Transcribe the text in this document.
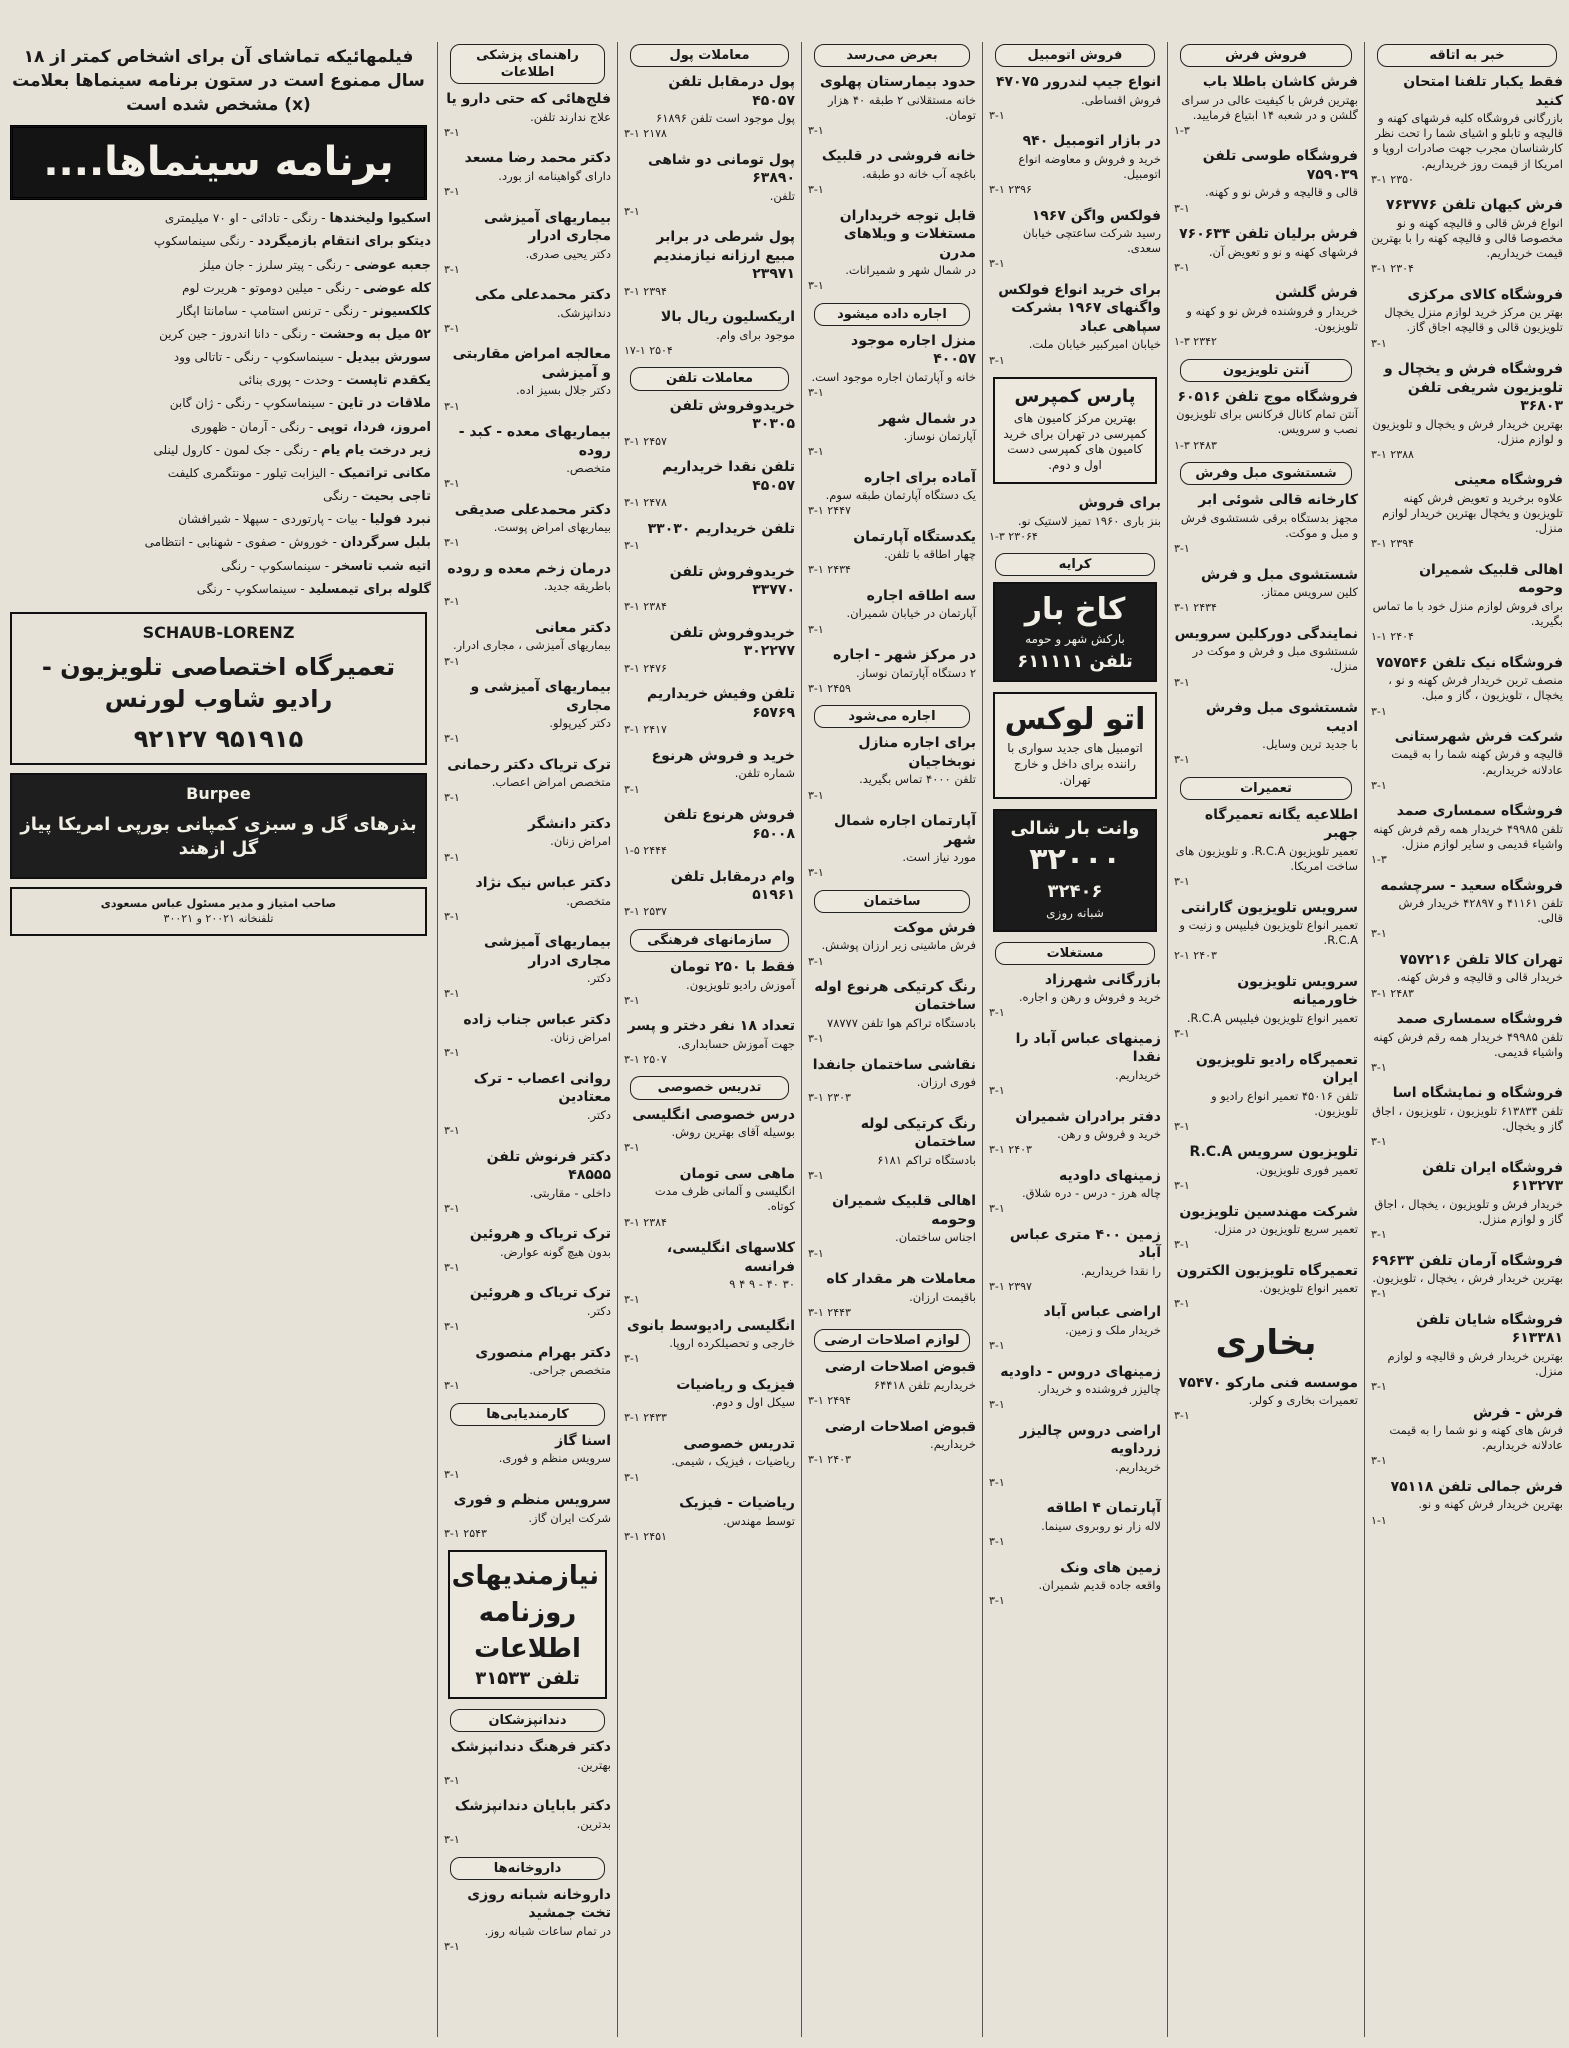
خبر به اتاقه
فقط یکبار تلفنا امتحان کنید

بازرگانی فروشگاه کلیه فرشهای کهنه و قالیچه و تابلو و اشیای شما را تحت نظر کارشناسان مجرب جهت صادرات اروپا و امریکا از قیمت روز خریداریم.

۳-۱ ۲۳۵۰
فرش کیهان تلفن ۷۶۳۷۷۶

انواع فرش قالی و قالیچه کهنه و نو مخصوصا قالی و قالیچه کهنه را با بهترین قیمت خریداریم.

۳-۱ ۲۳۰۴
فروشگاه کالای مرکزی

بهتر ین مرکز خرید لوازم منزل یخچال تلویزیون قالی و قالیچه اجاق گاز.

۳-۱
فروشگاه فرش و یخچال و تلویزیون شریفی تلفن ۳۶۸۰۳

بهترین خریدار فرش و یخچال و تلویزیون و لوازم منزل.

۳-۱ ۲۳۸۸
فروشگاه معینی

علاوه برخرید و تعویض فرش کهنه تلویزیون و یخچال بهترین خریدار لوازم منزل.

۳-۱ ۲۳۹۴
اهالی قلبیک شمیران وحومه

برای فروش لوازم منزل خود با ما تماس بگیرید.

۱-۱ ۲۴۰۴
فروشگاه نیک تلفن ۷۵۷۵۴۶

منصف ترین خریدار فرش کهنه و نو ، یخچال ، تلویزیون ، گاز و مبل.

۳-۱
شرکت فرش شهرستانی

قالیچه و فرش کهنه شما را به قیمت عادلانه خریداریم.

۳-۱
فروشگاه سمساری صمد

تلفن ۴۹۹۸۵ خریدار همه رقم فرش کهنه واشیاء قدیمی و سایر لوازم منزل.

۱-۳
فروشگاه سعید - سرچشمه

تلفن ۴۱۱۶۱ و ۴۲۸۹۷ خریدار فرش قالی.

۳-۱
تهران کالا تلفن ۷۵۷۲۱۶

خریدار قالی و قالیچه و فرش کهنه.

۳-۱ ۲۴۸۳
فروشگاه سمساری صمد

تلفن ۴۹۹۸۵ خریدار همه رقم فرش کهنه واشیاء قدیمی.

۳-۱
فروشگاه و نمایشگاه اسا

تلفن ۶۱۳۸۳۴ تلویزیون ، تلویزیون ، اجاق گاز و یخچال.

۳-۱
فروشگاه ایران تلفن ۶۱۳۲۷۳

خریدار فرش و تلویزیون ، یخچال ، اجاق گاز و لوازم منزل.

۳-۱
فروشگاه آرمان تلفن ۶۹۶۳۳

بهترین خریدار فرش ، یخچال ، تلویزیون.

۳-۱
فروشگاه شایان تلفن ۶۱۳۳۸۱

بهترین خریدار فرش و قالیچه و لوازم منزل.

۳-۱
فرش - فرش

فرش های کهنه و نو شما را به قیمت عادلانه خریداریم.

۳-۱
فرش جمالی تلفن ۷۵۱۱۸

بهترین خریدار فرش کهنه و نو.

۱-۱
فروش فرش
فرش کاشان باطلا باب

بهترین فرش با کیفیت عالی در سرای گلشن و در شعبه ۱۴ ابتیاع فرمایید.

۱-۳
فروشگاه طوسی تلفن ۷۵۹۰۳۹

قالی و قالیچه و فرش نو و کهنه.

۳-۱
فرش برلیان تلفن ۷۶۰۶۳۴

فرشهای کهنه و نو و تعویض آن.

۳-۱
فرش گلشن

خریدار و فروشنده فرش نو و کهنه و تلویزیون.

۱-۳ ۲۳۴۲
آنتن تلویزیون
فروشگاه موج تلفن ۶۰۵۱۶

آنتن تمام کانال فرکانس برای تلویزیون نصب و سرویس.

۱-۳ ۲۴۸۳
شستشوی مبل وفرش
کارخانه قالی شوئی ابر

مجهز بدستگاه برقی شستشوی فرش و مبل و موکت.

۳-۱
شستشوی مبل و فرش

کلین سرویس ممتاز.

۳-۱ ۲۴۳۴
نمایندگی دورکلین سرویس

شستشوی مبل و فرش و موکت در منزل.

۳-۱
شستشوی مبل وفرش ادیب

با جدید ترین وسایل.

۳-۱
تعمیرات
اطلاعیه یگانه تعمیرگاه جهبر

تعمیر تلویزیون R.C.A. و تلویزیون های ساخت امریکا.

۳-۱
سرویس تلویزیون گارانتی

تعمیر انواع تلویزیون فیلیپس و زنیت و R.C.A.

۲-۱ ۲۴۰۳
سرویس تلویزیون خاورمیانه

تعمیر انواع تلویزیون فیلیپس R.C.A.

۳-۱
تعمیرگاه رادیو تلویزیون ایران

تلفن ۴۵۰۱۶ تعمیر انواع رادیو و تلویزیون.

۳-۱
تلویزیون سرویس R.C.A

تعمیر فوری تلویزیون.

۳-۱
شرکت مهندسین تلویزیون

تعمیر سریع تلویزیون در منزل.

۳-۱
تعمیرگاه تلویزیون الکترون

تعمیر انواع تلویزیون.

۳-۱
بخاری
موسسه فنی مارکو ۷۵۴۷۰

تعمیرات بخاری و کولر.

۳-۱
فروش اتومبیل
انواع جیپ لندرور ۴۷۰۷۵

فروش اقساطی.

۳-۱
در بازار اتومبیل ۹۴۰

خرید و فروش و معاوضه انواع اتومبیل.

۳-۱ ۲۳۹۶
فولکس واگن ۱۹۶۷

رسید شرکت ساعتچی خیابان سعدی.

۳-۱
برای خرید انواع فولکس واگنهای ۱۹۶۷ بشرکت سپاهی عباد

خیابان امیرکبیر خیابان ملت.

۳-۱
پارس کمپرس

بهترین مرکز کامیون های کمپرسی در تهران برای خرید کامیون های کمپرسی دست اول و دوم.

برای فروش

بنز باری ۱۹۶۰ تمیز لاستیک نو.

۱-۳ ۲۳۰۶۴
کرایه
کاخ بار

بارکش شهر و حومه

تلفن ۶۱۱۱۱۱
اتو لوکس

اتومبیل های جدید سواری با راننده برای داخل و خارج تهران.

وانت بار شالی
۳۲۰۰۰
۳۲۴۰۶

شبانه روزی

مستغلات
بازرگانی شهرزاد

خرید و فروش و رهن و اجاره.

۳-۱
زمینهای عباس آباد را نقدا

خریداریم.

۳-۱
دفتر برادران شمیران

خرید و فروش و رهن.

۳-۱ ۲۴۰۳
زمینهای داودیه

چاله هرز - درس - دره شلاق.

۳-۱
زمین ۴۰۰ متری عباس آباد

را نقدا خریداریم.

۳-۱ ۲۳۹۷
اراضی عباس آباد

خریدار ملک و زمین.

۳-۱
زمینهای دروس - داودیه

چالیزر فروشنده و خریدار.

۳-۱
اراضی دروس چالیزر زرداویه

خریداریم.

۳-۱
آپارتمان ۴ اطاقه

لاله زار نو روبروی سینما.

۳-۱
زمین های ونک

واقعه جاده قدیم شمیران.

۳-۱
بعرض می‌رسد
حدود بیمارستان پهلوی

خانه مستقلانی ۲ طبقه ۴۰ هزار تومان.

۳-۱
خانه فروشی در قلبیک

باغچه آب خانه دو طبقه.

۳-۱
قابل توجه خریداران مستغلات و ویلاهای مدرن

در شمال شهر و شمیرانات.

۳-۱
اجاره داده میشود
منزل اجاره موجود ۴۰۰۵۷

خانه و آپارتمان اجاره موجود است.

۳-۱
در شمال شهر

آپارتمان نوساز.

۳-۱
آماده برای اجاره

یک دستگاه آپارتمان طبقه سوم.

۳-۱ ۲۴۴۷
یکدستگاه آپارتمان

چهار اطاقه با تلفن.

۳-۱ ۲۴۳۴
سه اطاقه اجاره

آپارتمان در خیابان شمیران.

۳-۱
در مرکز شهر - اجاره

۲ دستگاه آپارتمان نوساز.

۳-۱ ۲۴۵۹
اجاره می‌شود
برای اجاره منازل نوبخاجیان

تلفن ۴۰۰۰ تماس بگیرید.

۳-۱
آپارتمان اجاره شمال شهر

مورد نیاز است.

۳-۱
ساختمان
فرش موکت

فرش ماشینی زیر ارزان پوشش.

۳-۱
رنگ کرتیکی هرنوع اوله ساختمان

بادستگاه تراکم هوا تلفن ۷۸۷۷۷

۳-۱
نقاشی ساختمان جانفدا

فوری ارزان.

۳-۱ ۲۳۰۳
رنگ کرتیکی لوله ساختمان

بادستگاه تراکم ۶۱۸۱

۳-۱
اهالی قلبیک شمیران وحومه

اجناس ساختمان.

۳-۱
معاملات هر مقدار کاه

باقیمت ارزان.

۳-۱ ۲۴۴۳
لوازم اصلاحات ارضی
قبوض اصلاحات ارضی

خریداریم تلفن ۶۴۴۱۸

۳-۱ ۲۴۹۴
قبوض اصلاحات ارضی

خریداریم.

۳-۱ ۲۴۰۳
معاملات پول
پول درمقابل تلفن ۴۵۰۵۷

پول موجود است تلفن ۶۱۸۹۶

۳-۱ ۲۱۷۸
پول تومانی دو شاهی ۶۳۸۹۰

تلفن.

۳-۱
پول شرطی در برابر مبیع ارزانه نیازمندیم ۲۳۹۷۱

۳-۱ ۲۳۹۴
اریکسلیون ریال بالا

موجود برای وام.

۱۷-۱ ۲۵۰۴
معاملات تلفن
خریدوفروش تلفن ۳۰۳۰۵

۳-۱ ۲۴۵۷
تلفن نقدا خریداریم ۴۵۰۵۷

۳-۱ ۲۴۷۸
تلفن خریداریم ۳۳۰۳۰

۳-۱
خریدوفروش تلفن ۳۳۷۷۰

۳-۱ ۲۳۸۴
خریدوفروش تلفن ۳۰۲۲۷۷

۳-۱ ۲۴۷۶
تلفن وفیش خریداریم ۶۵۷۶۹

۳-۱ ۲۴۱۷
خرید و فروش هرنوع

شماره تلفن.

۳-۱
فروش هرنوع تلفن ۶۵۰۰۸

۱-۵ ۲۴۴۴
وام درمقابل تلفن ۵۱۹۶۱

۳-۱ ۲۵۳۷
سازمانهای فرهنگی
فقط با ۲۵۰ تومان

آموزش رادیو تلویزیون.

۳-۱
تعداد ۱۸ نفر دختر و پسر

جهت آموزش حسابداری.

۳-۱ ۲۵۰۷
تدریس خصوصی
درس خصوصی انگلیسی

بوسیله آقای بهترین روش.

۳-۱
ماهی سی تومان

انگلیسی و آلمانی ظرف مدت کوتاه.

۳-۱ ۲۳۸۴
کلاسهای انگلیسی، فرانسه

۳۰ ۴۰ - ۹ ۴ ۹

۳-۱
انگلیسی رادیوسط بانوی

خارجی و تحصیلکرده اروپا.

۳-۱
فیزیک و ریاضیات

سیکل اول و دوم.

۳-۱ ۲۴۳۳
تدریس خصوصی

ریاضیات ، فیزیک ، شیمی.

۳-۱
ریاضیات - فیزیک

توسط مهندس.

۳-۱ ۲۴۵۱
راهنمای پزشکی اطلاعات
فلج‌هائی که حتی دارو یا

علاج ندارند تلفن.

۳-۱
دکتر محمد رضا مسعد

دارای گواهینامه از بورد.

۳-۱
بیماریهای آمیزشی مجاری ادرار

دکتر یحیی صدری.

۳-۱
دکتر محمدعلی مکی

دندانپزشک.

۳-۱
معالجه امراض مقاربتی و آمیزشی

دکتر جلال بسیز اده.

۳-۱
بیماریهای معده - کبد - روده

متخصص.

۳-۱
دکتر محمدعلی صدیقی

بیماریهای امراض پوست.

۳-۱
درمان زخم معده و روده

باطریقه جدید.

۳-۱
دکتر معانی

بیماریهای آمیزشی ، مجاری ادرار.

۳-۱
بیماریهای آمیزشی و مجاری

دکتر کیرپولو.

۳-۱
ترک تریاک دکتر رحمانی

متخصص امراض اعصاب.

۳-۱
دکتر دانشگر

امراض زنان.

۳-۱
دکتر عباس نیک نژاد

متخصص.

۳-۱
بیماریهای آمیزشی مجاری ادرار

دکتر.

۳-۱
دکتر عباس جناب زاده

امراض زنان.

۳-۱
روانی اعصاب - ترک معتادین

دکتر.

۳-۱
دکتر فرنوش تلفن ۴۸۵۵۵

داخلی - مقاربتی.

۳-۱
ترک تریاک و هروئین

بدون هیچ گونه عوارض.

۳-۱
ترک تریاک و هروئین

دکتر.

۳-۱
دکتر بهرام منصوری

متخصص جراحی.

۳-۱
کارمندیابی‌ها
اسنا گاز

سرویس منظم و فوری.

۳-۱
سرویس منظم و فوری

شرکت ایران گاز.

۳-۱ ۲۵۴۳
نیازمندیهای روزنامه اطلاعات
تلفن ۳۱۵۳۳
دندانپزشکان
دکتر فرهنگ دندانپزشک

بهترین.

۳-۱
دکتر بابایان دندانپزشک

بدترین.

۳-۱
داروخانه‌ها
داروخانه شبانه روزی تخت جمشید

در تمام ساعات شبانه روز.

۳-۱
فیلمهائیکه تماشای آن برای اشخاص کمتر از ۱۸ سال ممنوع است در ستون برنامه سینماها بعلامت (x) مشخص شده است
برنامه سینماها....
اسکیوا ولیخندها - رنگی - تادائی - او ۷۰ میلیمتری
دیتکو برای انتقام بازمیگردد - رنگی سینماسکوپ
جعبه عوضی - رنگی - پیتر سلرز - جان میلز
کله عوضی - رنگی - میلین دوموتو - هریرت لوم
کلکسیونر - رنگی - ترنس استامپ - سامانتا اپگار
۵۲ میل به وحشت - رنگی - دانا اندروز - جین کرین
سورش بیدیل - سینماسکوپ - رنگی - تاتالی وود
یکقدم تاپست - وحدت - پوری بنائی
ملاقات در تاین - سینماسکوپ - رنگی - ژان گابن
امروز، فردا، توپی - رنگی - آرمان - ظهوری
زیر درخت یام یام - رنگی - جک لمون - کارول لینلی
مکانی تراتمیک - الیزابت تیلور - مونتگمری کلیفت
تاجی بحیت - رنگی
نبرد فولیا - بیات - پارتوردی - سپهلا - شیرافشان
بلبل سرگردان - خوروش - صفوی - شهنابی - انتظامی
اتیه شب تاسخر - سینماسکوپ - رنگی
گلوله برای تیمسلید - سینماسکوپ - رنگی
SCHAUB-LORENZ
تعمیرگاه اختصاصی تلویزیون - رادیو شاوب لورنس
۹۲۱۲۷ ۹۵۱۹۱۵
Burpee
بذرهای گل و سبزی کمپانی بورپی امریکا پیاز گل ازهند
صاحب امتیاز و مدیر مسئول عباس مسعودی
تلفنخانه ۲۰۰۲۱ و ۳۰۰۲۱
